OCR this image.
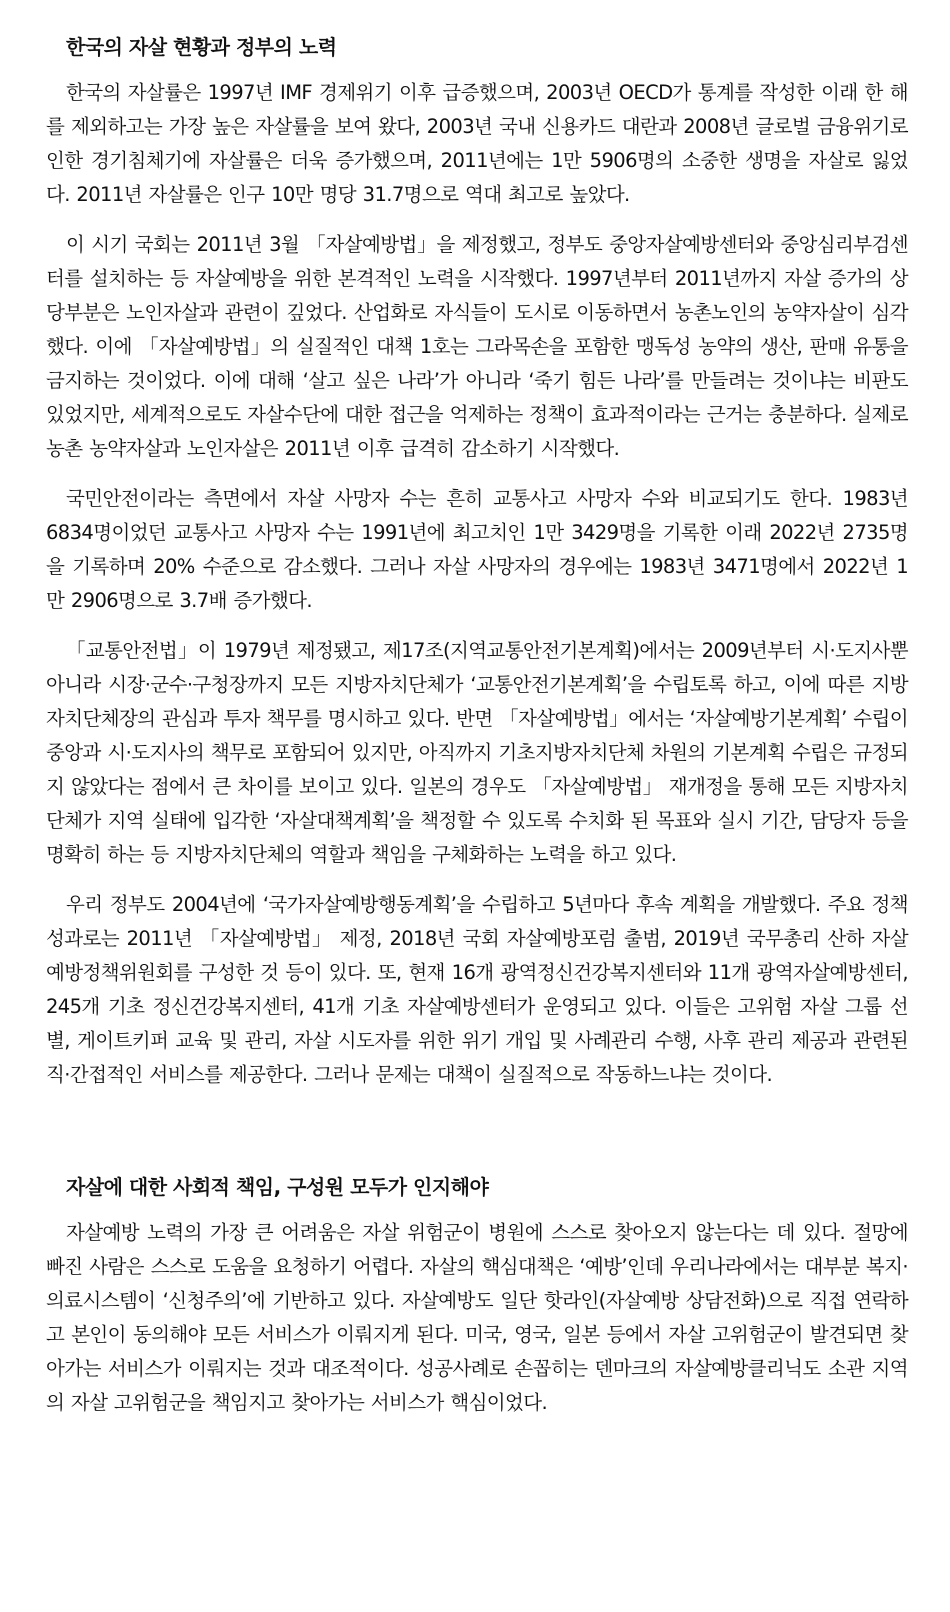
한국의 자살 현황과 정부의 노력

한국의 자살률은 1997년 IMF 경제위기 이후 급증했으며, 2003년 OECD가 통계를 작성한 이래 한 해를 제외하고는 가장 높은 자살률을 보여 왔다, 2003년 국내 신용카드 대란과 2008년 글로벌 금융위기로 인한 경기침체기에 자살률은 더욱 증가했으며, 2011년에는 1만 5906명의 소중한 생명을 자살로 잃었다. 2011년 자살률은 인구 10만 명당 31.7명으로 역대 최고로 높았다.

이 시기 국회는 2011년 3월 「자살예방법」을 제정했고, 정부도 중앙자살예방센터와 중앙심리부검센터를 설치하는 등 자살예방을 위한 본격적인 노력을 시작했다. 1997년부터 2011년까지 자살 증가의 상당부분은 노인자살과 관련이 깊었다. 산업화로 자식들이 도시로 이동하면서 농촌노인의 농약자살이 심각했다. 이에 「자살예방법」의 실질적인 대책 1호는 그라목손을 포함한 맹독성 농약의 생산, 판매 유통을 금지하는 것이었다. 이에 대해 ‘살고 싶은 나라’가 아니라 ‘죽기 힘든 나라’를 만들려는 것이냐는 비판도 있었지만, 세계적으로도 자살수단에 대한 접근을 억제하는 정책이 효과적이라는 근거는 충분하다. 실제로 농촌 농약자살과 노인자살은 2011년 이후 급격히 감소하기 시작했다.

국민안전이라는 측면에서 자살 사망자 수는 흔히 교통사고 사망자 수와 비교되기도 한다. 1983년 6834명이었던 교통사고 사망자 수는 1991년에 최고치인 1만 3429명을 기록한 이래 2022년 2735명을 기록하며 20% 수준으로 감소했다. 그러나 자살 사망자의 경우에는 1983년 3471명에서 2022년 1만 2906명으로 3.7배 증가했다.

「교통안전법」이 1979년 제정됐고, 제17조(지역교통안전기본계획)에서는 2009년부터 시·도지사뿐 아니라 시장·군수·구청장까지 모든 지방자치단체가 ‘교통안전기본계획’을 수립토록 하고, 이에 따른 지방자치단체장의 관심과 투자 책무를 명시하고 있다. 반면 「자살예방법」에서는 ‘자살예방기본계획’ 수립이 중앙과 시·도지사의 책무로 포함되어 있지만, 아직까지 기초지방자치단체 차원의 기본계획 수립은 규정되지 않았다는 점에서 큰 차이를 보이고 있다. 일본의 경우도 「자살예방법」 재개정을 통해 모든 지방자치단체가 지역 실태에 입각한 ‘자살대책계획’을 책정할 수 있도록 수치화 된 목표와 실시 기간, 담당자 등을 명확히 하는 등 지방자치단체의 역할과 책임을 구체화하는 노력을 하고 있다.

우리 정부도 2004년에 ‘국가자살예방행동계획’을 수립하고 5년마다 후속 계획을 개발했다. 주요 정책 성과로는 2011년 「자살예방법」 제정, 2018년 국회 자살예방포럼 출범, 2019년 국무총리 산하 자살예방정책위원회를 구성한 것 등이 있다. 또, 현재 16개 광역정신건강복지센터와 11개 광역자살예방센터, 245개 기초 정신건강복지센터, 41개 기초 자살예방센터가 운영되고 있다. 이들은 고위험 자살 그룹 선별, 게이트키퍼 교육 및 관리, 자살 시도자를 위한 위기 개입 및 사례관리 수행, 사후 관리 제공과 관련된 직·간접적인 서비스를 제공한다. 그러나 문제는 대책이 실질적으로 작동하느냐는 것이다.

자살에 대한 사회적 책임, 구성원 모두가 인지해야

자살예방 노력의 가장 큰 어려움은 자살 위험군이 병원에 스스로 찾아오지 않는다는 데 있다. 절망에 빠진 사람은 스스로 도움을 요청하기 어렵다. 자살의 핵심대책은 ‘예방’인데 우리나라에서는 대부분 복지·의료시스템이 ‘신청주의’에 기반하고 있다. 자살예방도 일단 핫라인(자살예방 상담전화)으로 직접 연락하고 본인이 동의해야 모든 서비스가 이뤄지게 된다. 미국, 영국, 일본 등에서 자살 고위험군이 발견되면 찾아가는 서비스가 이뤄지는 것과 대조적이다. 성공사례로 손꼽히는 덴마크의 자살예방클리닉도 소관 지역의 자살 고위험군을 책임지고 찾아가는 서비스가 핵심이었다.
